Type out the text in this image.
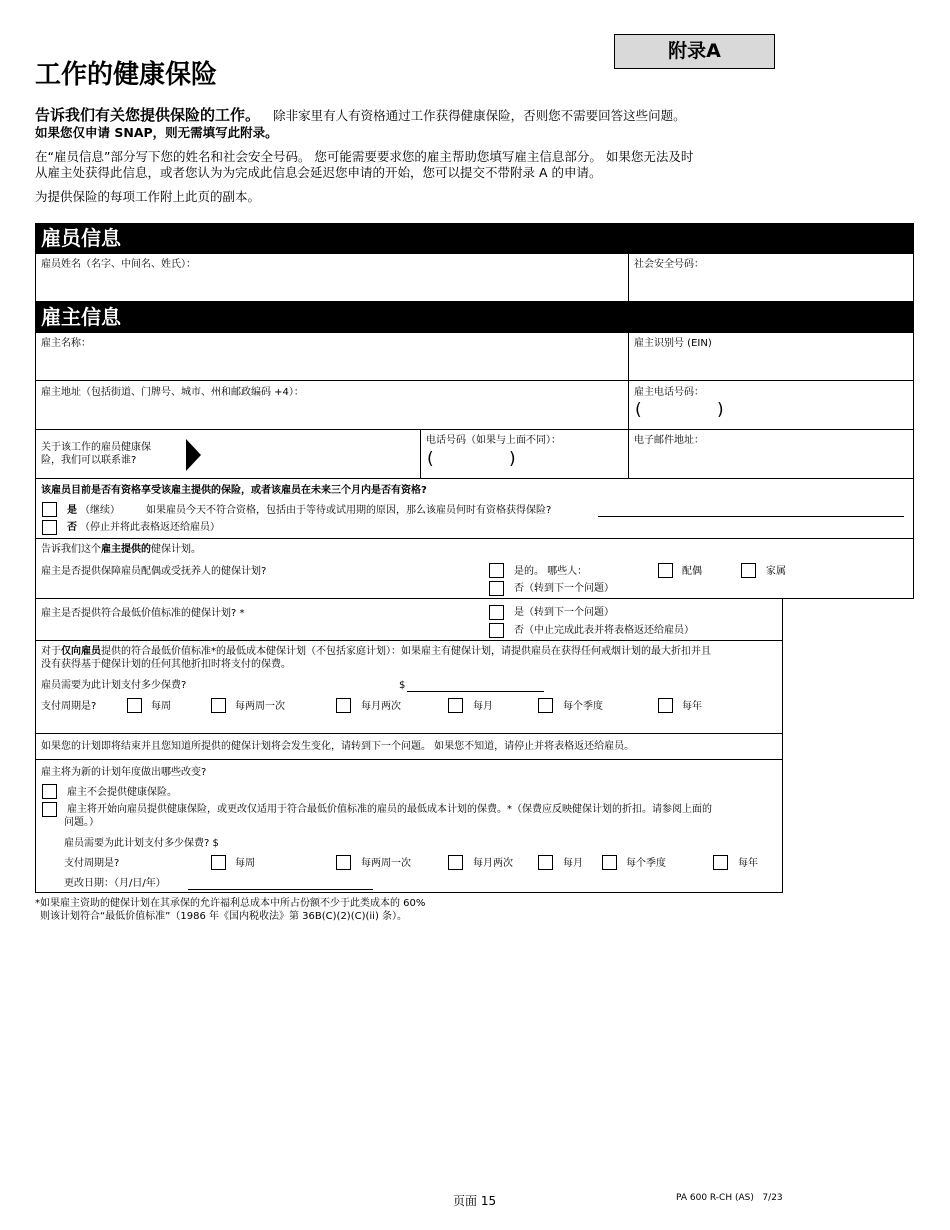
附录A
工作的健康保险
告诉我们有关您提供保险的工作。 除非家里有人有资格通过工作获得健康保险，否则您不需要回答这些问题。
如果您仅申请 SNAP，则无需填写此附录。
在“雇员信息”部分写下您的姓名和社会安全号码。 您可能需要要求您的雇主帮助您填写雇主信息部分。 如果您无法及时
从雇主处获得此信息，或者您认为为完成此信息会延迟您申请的开始，您可以提交不带附录 A 的申请。
为提供保险的每项工作附上此页的副本。
雇员信息
雇员姓名（名字、中间名、姓氏）：	社会安全号码：
雇主信息
雇主名称：	雇主识别号 (EIN)
雇主地址（包括街道、门牌号、城市、州和邮政编码 +4）：	雇主电话号码：
(	)
关于该工作的雇员健康保
险，我们可以联系谁?
电话号码（如果与上面不同）：
(	)
电子邮件地址：
该雇员目前是否有资格享受该雇主提供的保险，或者该雇员在未来三个月内是否有资格?
是 （继续）	如果雇员今天不符合资格，包括由于等待或试用期的原因，那么该雇员何时有资格获得保险?
否 （停止并将此表格返还给雇员）
告诉我们这个雇主提供的健保计划。
雇主是否提供保障雇员配偶或受抚养人的健保计划?	是的。 哪些人：	配偶	家属
否（转到下一个问题）
雇主是否提供符合最低价值标准的健保计划? *	是（转到下一个问题）
否（中止完成此表并将表格返还给雇员）
对于仅向雇员提供的符合最低价值标准*的最低成本健保计划（不包括家庭计划）：如果雇主有健保计划，请提供雇员在获得任何戒烟计划的最大折扣并且
没有获得基于健保计划的任何其他折扣时将支付的保费。
雇员需要为此计划支付多少保费?	$
支付周期是?	每周	每两周一次	每月两次	每月	每个季度	每年
如果您的计划即将结束并且您知道所提供的健保计划将会发生变化，请转到下一个问题。 如果您不知道，请停止并将表格返还给雇员。
雇主将为新的计划年度做出哪些改变?
雇主不会提供健康保险。
雇主将开始向雇员提供健康保险，或更改仅适用于符合最低价值标准的雇员的最低成本计划的保费。*（保费应反映健保计划的折扣。请参阅上面的
问题。）
雇员需要为此计划支付多少保费? $
支付周期是?	每周	每两周一次	每月两次	每月	每个季度	每年
更改日期：（月/日/年）
*如果雇主资助的健保计划在其承保的允许福利总成本中所占份额不少于此类成本的 60%
则该计划符合“最低价值标准”（1986 年《国内税收法》第 36B(C)(2)(C)(ii) 条）。
页面 15	PA 600 R-CH (AS)   7/23
